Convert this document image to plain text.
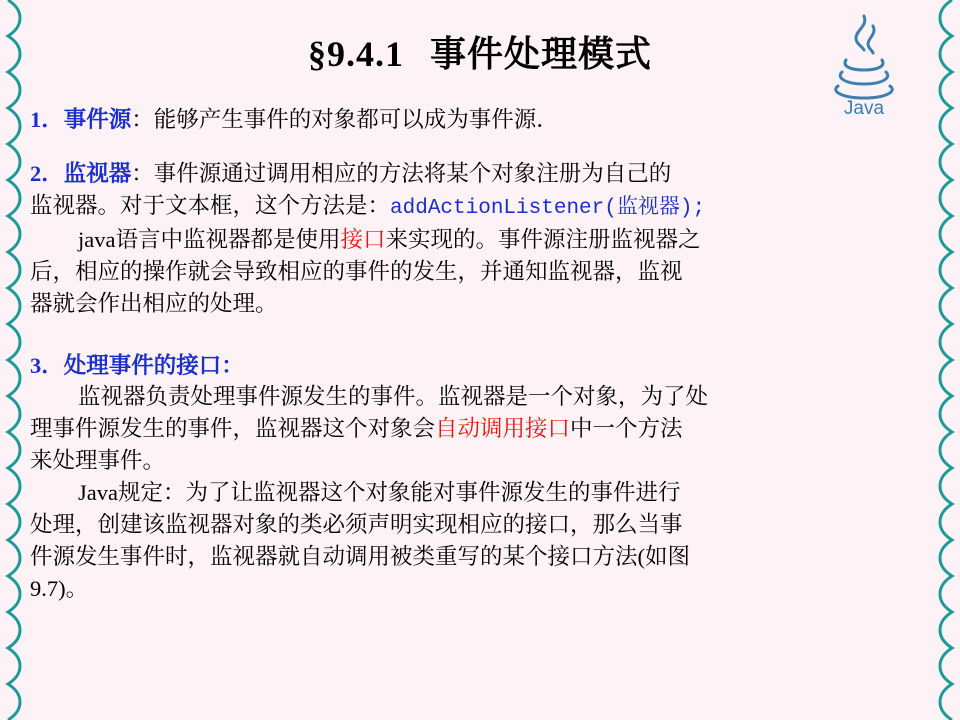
Java
§9.4.1 事件处理模式
1．事件源：能够产生事件的对象都可以成为事件源．
2．监视器：事件源通过调用相应的方法将某个对象注册为自己的
监视器。对于文本框，这个方法是：addActionListener(监视器);
java语言中监视器都是使用接口来实现的。事件源注册监视器之
后，相应的操作就会导致相应的事件的发生，并通知监视器，监视
器就会作出相应的处理。
3．处理事件的接口：
监视器负责处理事件源发生的事件。监视器是一个对象，为了处
理事件源发生的事件，监视器这个对象会自动调用接口中一个方法
来处理事件。
Java规定：为了让监视器这个对象能对事件源发生的事件进行
处理，创建该监视器对象的类必须声明实现相应的接口，那么当事
件源发生事件时，监视器就自动调用被类重写的某个接口方法(如图
9.7)。
